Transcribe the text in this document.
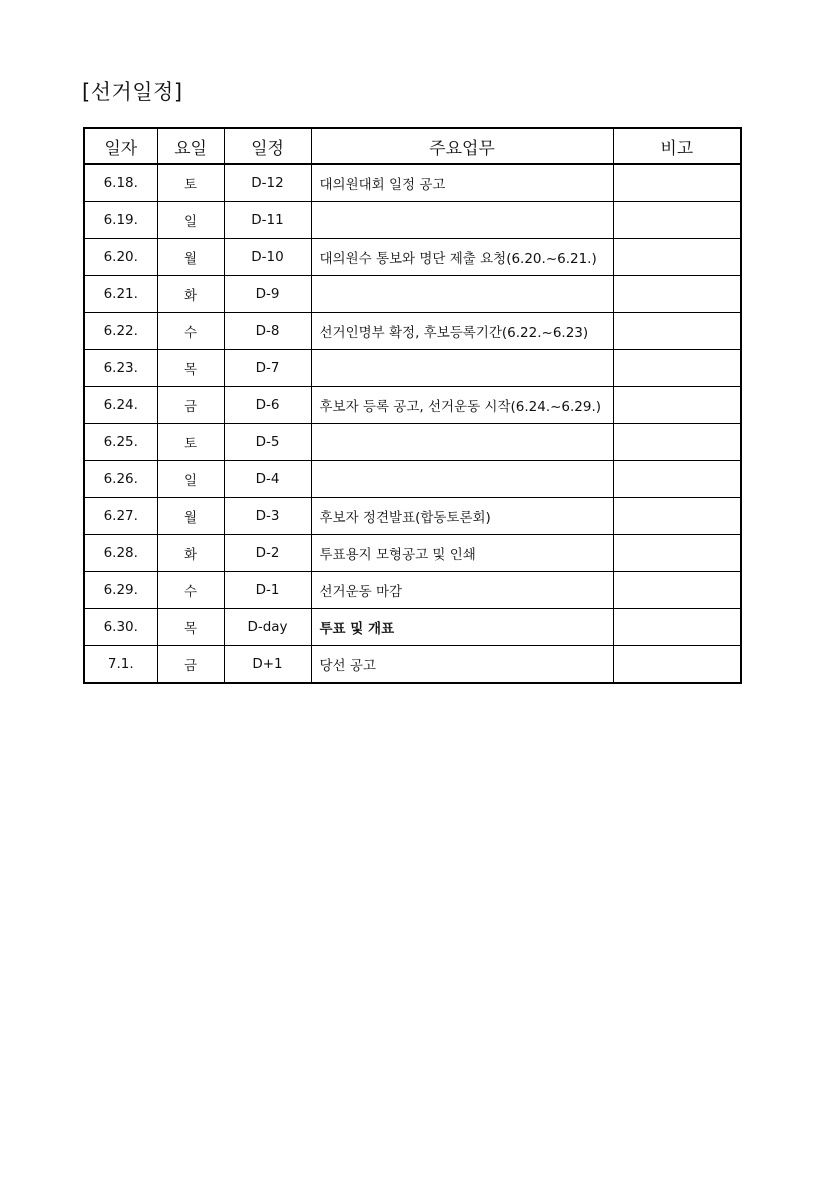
[선거일정]
일자	요일	일정	주요업무	비고
6.18.	토	D-12	대의원대회 일정 공고	
6.19.	일	D-11		
6.20.	월	D-10	대의원수 통보와 명단 제출 요청(6.20.~6.21.)	
6.21.	화	D-9		
6.22.	수	D-8	선거인명부 확정, 후보등록기간(6.22.~6.23)	
6.23.	목	D-7		
6.24.	금	D-6	후보자 등록 공고, 선거운동 시작(6.24.~6.29.)	
6.25.	토	D-5		
6.26.	일	D-4		
6.27.	월	D-3	후보자 정견발표(합동토론회)	
6.28.	화	D-2	투표용지 모형공고 및 인쇄	
6.29.	수	D-1	선거운동 마감	
6.30.	목	D-day	투표 및 개표	
7.1.	금	D+1	당선 공고	
